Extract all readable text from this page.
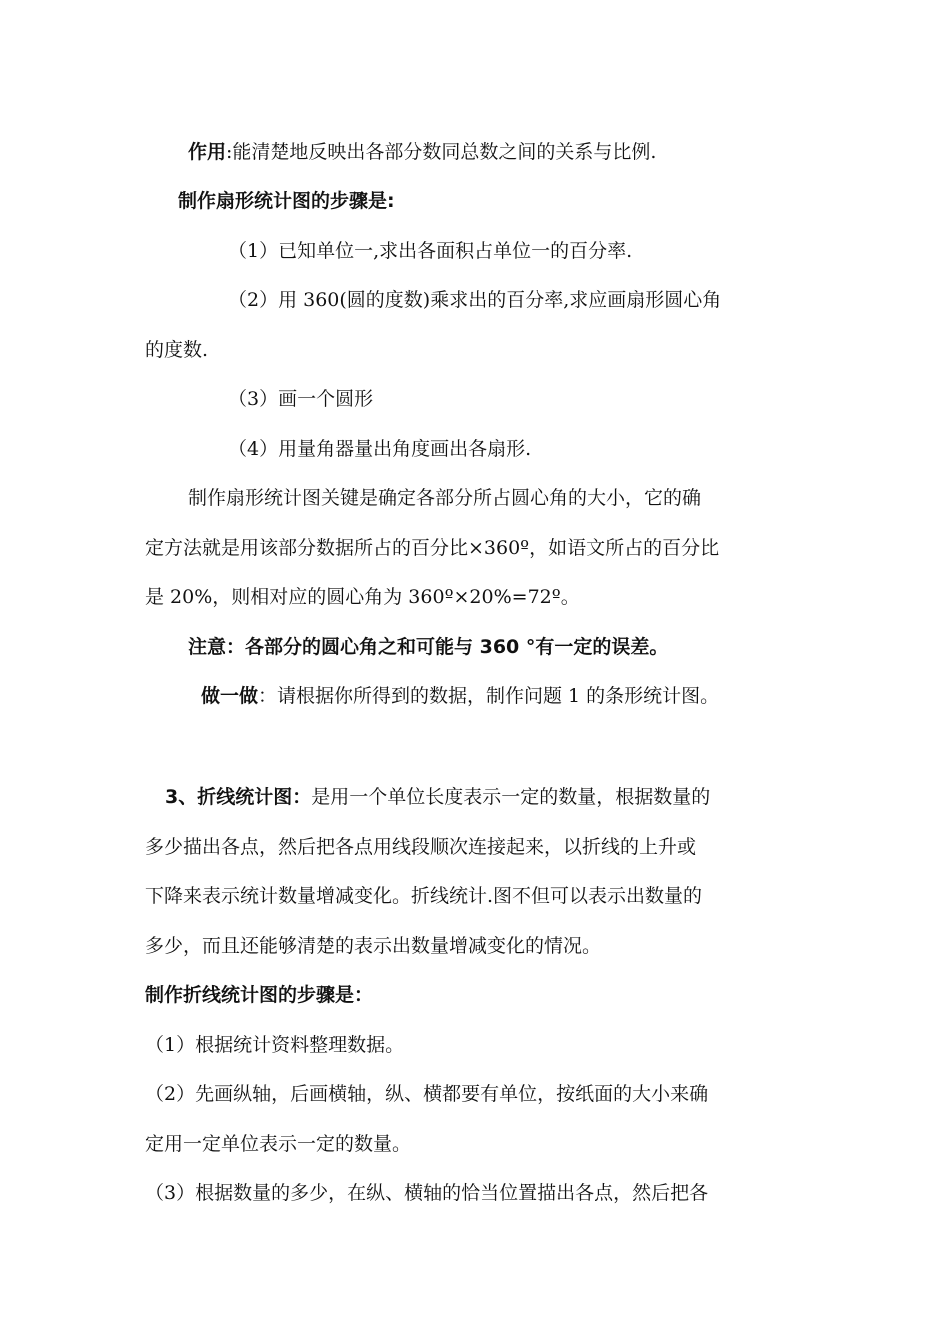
作用:能清楚地反映出各部分数同总数之间的关系与比例.
制作扇形统计图的步骤是:
（1）已知单位一,求出各面积占单位一的百分率.
（2）用 360(圆的度数)乘求出的百分率,求应画扇形圆心角
的度数.
（3）画一个圆形
（4）用量角器量出角度画出各扇形.
制作扇形统计图关键是确定各部分所占圆心角的大小，它的确
定方法就是用该部分数据所占的百分比×360º，如语文所占的百分比
是 20%，则相对应的圆心角为 360º×20%=72º。
注意：各部分的圆心角之和可能与 360 °有一定的误差。
做一做：请根据你所得到的数据，制作问题 1 的条形统计图。
3、折线统计图：是用一个单位长度表示一定的数量，根据数量的
多少描出各点，然后把各点用线段顺次连接起来，以折线的上升或
下降来表示统计数量增减变化。折线统计.图不但可以表示出数量的
多少，而且还能够清楚的表示出数量增减变化的情况。
制作折线统计图的步骤是：
（1）根据统计资料整理数据。
（2）先画纵轴，后画横轴，纵、横都要有单位，按纸面的大小来确
定用一定单位表示一定的数量。
（3）根据数量的多少，在纵、横轴的恰当位置描出各点，然后把各
